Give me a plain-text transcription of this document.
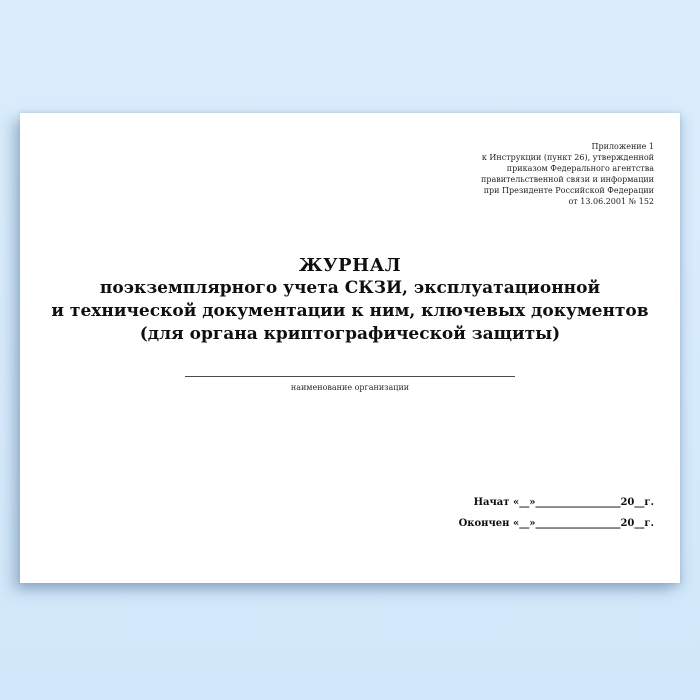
Приложение 1
к Инструкции (пункт 26), утвержденной
приказом Федерального агентства
правительственной связи и информации
при Президенте Российской Федерации
от 13.06.2001 № 152
ЖУРНАЛ
поэкземплярного учета СКЗИ, эксплуатационной
и технической документации к ним, ключевых документов
(для органа криптографической защиты)
наименование организации
Начат «__»_________________20__г.
Окончен «__»_________________20__г.
